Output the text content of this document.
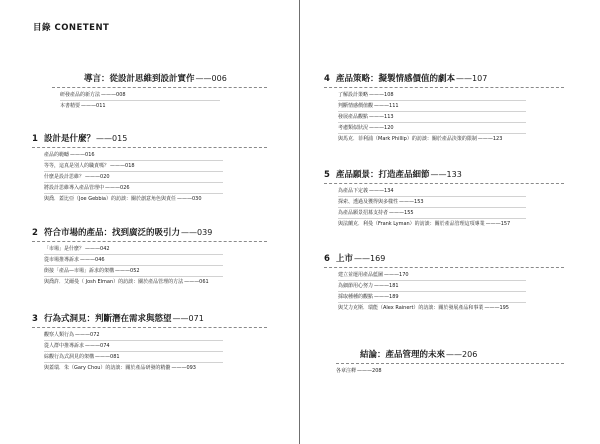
目錄 CONETENT
導言：從設計思維到設計實作 ——006
研發產品的新方法 ———008
本書精要 ———011
1 設計是什麼？ ——015
產品的範疇 ———016
等等，這真是別人的職責嗎？ ———018
什麼是設計思維？ ———020
將設計思維導入產品管理中 ———026
與喬．蓋比亞（Joe Gebbia）的訪談：關於創意角色與責任 ———030
2 符合市場的產品：找到廣泛的吸引力 ——039
「市場」是什麼？ ———042
從市場推導訴求 ———046
銜接「產品—市場」訴求的架構 ———052
與喬許．艾爾曼（ Josh Elman）的訪談：關於產品管理的方法 ———061
3 行為式洞見：判斷潛在需求與慾望 ——071
觀察人類行為 ———072
從人群中推導訴求 ———074
綜觀行為式洞見的架構 ———081
與蓋瑞．朱（Gary Chou）的訪談：關於產品研發的精髓 ———093
4 產品策略：擬製情感價值的劇本 ——107
了解設計策略 ———108
判斷情感價值觀 ———111
發展產品觀點 ———113
考慮類似狀況 ———120
與馬克．菲利浦（Mark Phillip）的訪談：關於產品決策的限制 ———123
5 產品願景：打造產品細節 ——133
為產品下定義 ———134
探索、透過及獲得與多樣性 ———153
為產品願景招募支持者 ———155
與法蘭克．利曼（Frank Lyman）的訪談：關於產品管理這項專業 ———157
6 上市 ——169
建立並運用產品藍圖 ———170
為細節用心努力 ———181
採取種種的觀點 ———189
與艾力克斯．瑞能（Alex Rainert）的訪談：關於發展產品和事業 ———195
結論：產品管理的未來 ——206
各章注釋 ———208
